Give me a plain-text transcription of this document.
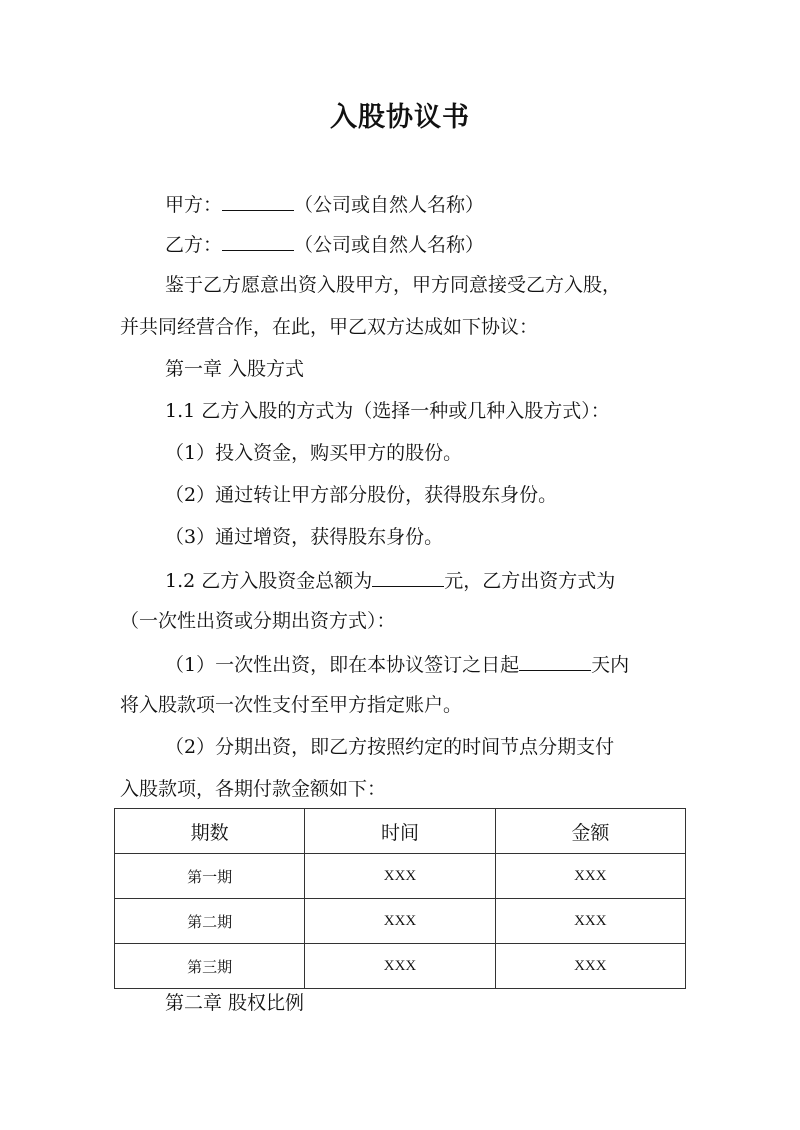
入股协议书
甲方：	（公司或自然人名称）
乙方：	（公司或自然人名称）
鉴于乙方愿意出资入股甲方，甲方同意接受乙方入股，
并共同经营合作，在此，甲乙双方达成如下协议：
第一章 入股方式
1.1 乙方入股的方式为（选择一种或几种入股方式）：
（1）投入资金，购买甲方的股份。
（2）通过转让甲方部分股份，获得股东身份。
（3）通过增资，获得股东身份。
1.2 乙方入股资金总额为	元，乙方出资方式为
（一次性出资或分期出资方式）：
（1）一次性出资，即在本协议签订之日起	天内
将入股款项一次性支付至甲方指定账户。
（2）分期出资，即乙方按照约定的时间节点分期支付
入股款项，各期付款金额如下：
期数	时间	金额
第一期	XXX	XXX
第二期	XXX	XXX
第三期	XXX	XXX
第二章 股权比例
